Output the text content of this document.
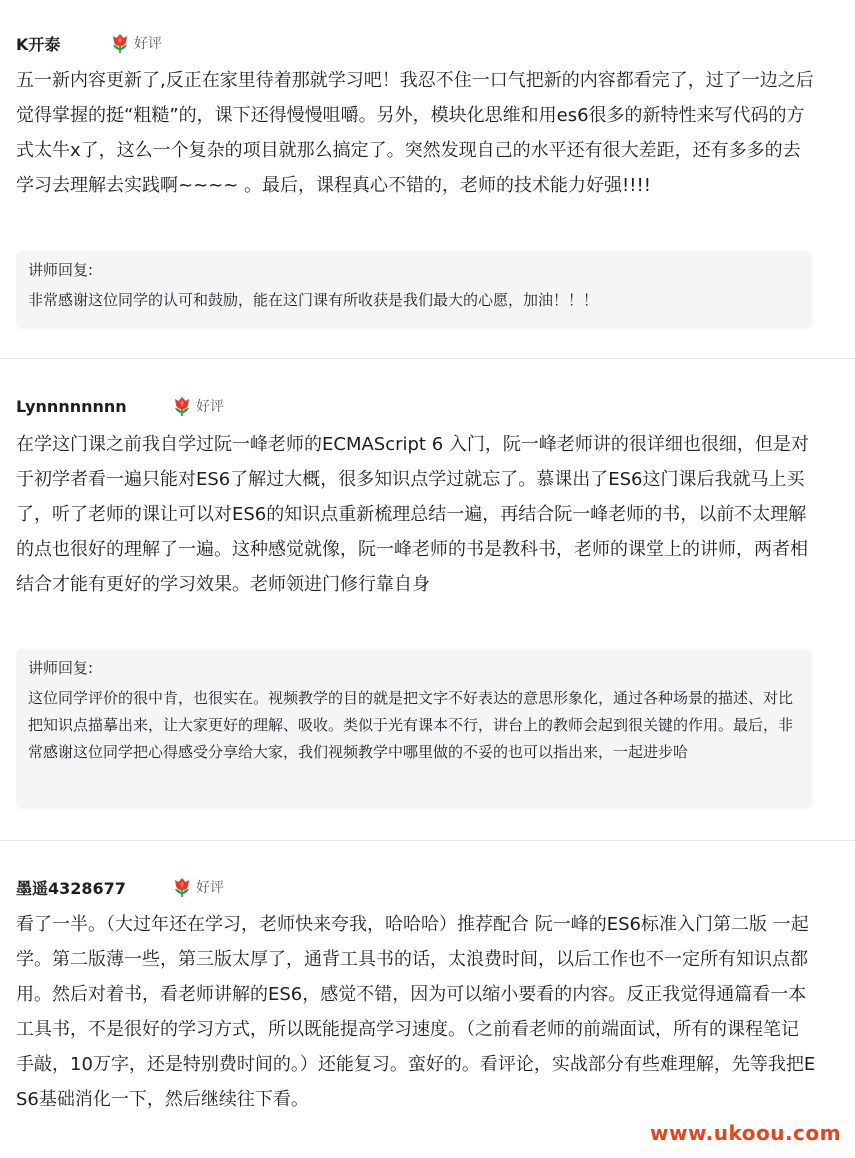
K开泰	好评

五一新内容更新了,反正在家里待着那就学习吧！我忍不住一口气把新的内容都看完了，过了一边之后觉得掌握的挺“粗糙”的，课下还得慢慢咀嚼。另外，模块化思维和用es6很多的新特性来写代码的方式太牛x了，这么一个复杂的项目就那么搞定了。突然发现自己的水平还有很大差距，还有多多的去学习去理解去实践啊~~~~ 。最后，课程真心不错的，老师的技术能力好强!!!!

讲师回复:
非常感谢这位同学的认可和鼓励，能在这门课有所收获是我们最大的心愿，加油！！！
Lynnnnnnnn	好评

在学这门课之前我自学过阮一峰老师的ECMAScript 6 入门，阮一峰老师讲的很详细也很细，但是对于初学者看一遍只能对ES6了解过大概，很多知识点学过就忘了。慕课出了ES6这门课后我就马上买了，听了老师的课让可以对ES6的知识点重新梳理总结一遍，再结合阮一峰老师的书，以前不太理解的点也很好的理解了一遍。这种感觉就像，阮一峰老师的书是教科书，老师的课堂上的讲师，两者相结合才能有更好的学习效果。老师领进门修行靠自身

讲师回复:
这位同学评价的很中肯，也很实在。视频教学的目的就是把文字不好表达的意思形象化，通过各种场景的描述、对比把知识点描摹出来，让大家更好的理解、吸收。类似于光有课本不行，讲台上的教师会起到很关键的作用。最后，非常感谢这位同学把心得感受分享给大家，我们视频教学中哪里做的不妥的也可以指出来，一起进步哈
墨遥4328677	好评

看了一半。（大过年还在学习，老师快来夸我，哈哈哈）推荐配合 阮一峰的ES6标准入门第二版 一起学。第二版薄一些，第三版太厚了，通背工具书的话，太浪费时间，以后工作也不一定所有知识点都用。然后对着书，看老师讲解的ES6，感觉不错，因为可以缩小要看的内容。反正我觉得通篇看一本工具书，不是很好的学习方式，所以既能提高学习速度。（之前看老师的前端面试，所有的课程笔记手敲，10万字，还是特别费时间的。）还能复习。蛮好的。看评论，实战部分有些难理解，先等我把ES6基础消化一下，然后继续往下看。

www.ukoou.com
